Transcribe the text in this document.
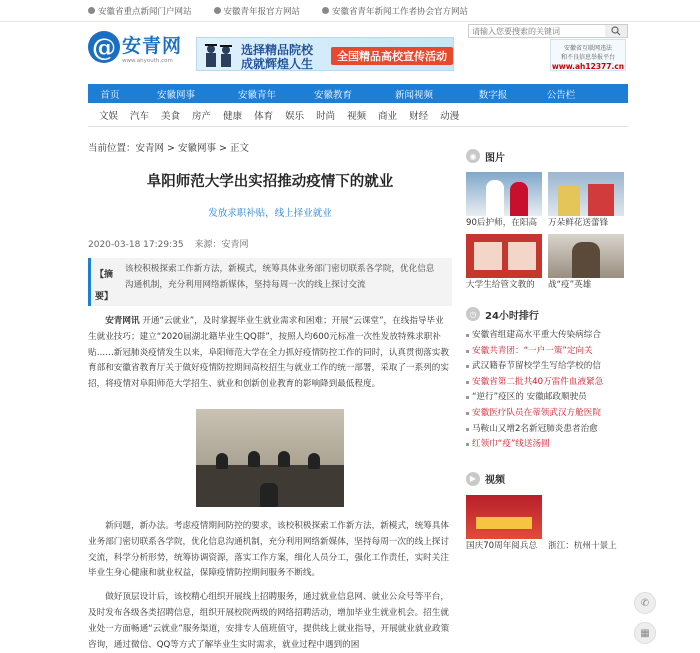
安徽省重点新闻门户网站	安徽青年报官方网站	安徽省青年新闻工作者协会官方网站
@ 安青网
www.ahyouth.com
选择精品院校
成就辉煌人生
全国精品高校宣传活动
请输入您要搜索的关键词
安徽省互联网违法
和不良信息举报平台
www.ah12377.cn
首页	安徽网事	安徽青年	安徽教育	新闻视频	数字报	公告栏
文娱 汽车 美食 房产 健康 体育 娱乐 时尚 视频 商业 财经 动漫
当前位置：安青网 > 安徽网事 > 正文
阜阳师范大学出实招推动疫情下的就业
发放求职补贴，线上择业就业
2020-03-18 17:29:35 来源：安青网
【摘要】
该校积极探索工作新方法，新模式，统筹具体业务部门密切联系各学院，优化信息沟通机制，充分利用网络新媒体，坚持每周一次的线上探讨交流

安青网讯 开通“云就业”，及时掌握毕业生就业需求和困难；开展“云课堂”，在线指导毕业生就业技巧；建立“2020届湖北籍毕业生QQ群”，按照人均600元标准一次性发放特殊求职补贴……新冠肺炎疫情发生以来，阜阳师范大学在全力抓好疫情防控工作的同时，认真贯彻落实教育部和安徽省教育厅关于做好疫情防控期间高校招生与就业工作的统一部署，采取了一系列的实招，将疫情对阜阳师范大学招生、就业和创新创业教育的影响降到最低程度。

新问题，新办法。考虑疫情期间防控的要求，该校积极探索工作新方法，新模式，统筹具体业务部门密切联系各学院，优化信息沟通机制，充分利用网络新媒体，坚持每周一次的线上探讨交流，科学分析形势，统筹协调资源，落实工作方案，细化人员分工，强化工作责任，实时关注毕业生身心健康和就业权益，保障疫情防控期间服务不断线。

做好顶层设计后，该校精心组织开展线上招聘服务，通过就业信息网、就业公众号等平台，及时发布各级各类招聘信息，组织开展校院两级的网络招聘活动，增加毕业生就业机会。招生就业处一方面畅通“云就业”服务渠道，安排专人值班值守，提供线上就业指导，开展就业就业政策咨询，通过微信、QQ等方式了解毕业生实时需求，就业过程中遇到的困

◉ 图片
90后护师，在阳高	万朵鲜花送蕾锋
大学生给管文教的	战“疫”英雄
◷ 24小时排行
安徽省组建高水平重大传染病综合
安徽共青团：“一户一策”定向关
武汉籍春节留校学生写给学校的信
安徽省第二批共40万雷件血液紧急
“逆行”疫区的 安徽邮政顺驶员
安徽医疗队员在蒂领武汉方舱医院
马鞍山又增2名新冠肺炎患者治愈
红领巾“疫”线送汤圆
▶ 视频
国庆70周年阅兵总	浙江：杭州十景上
✆
▦
